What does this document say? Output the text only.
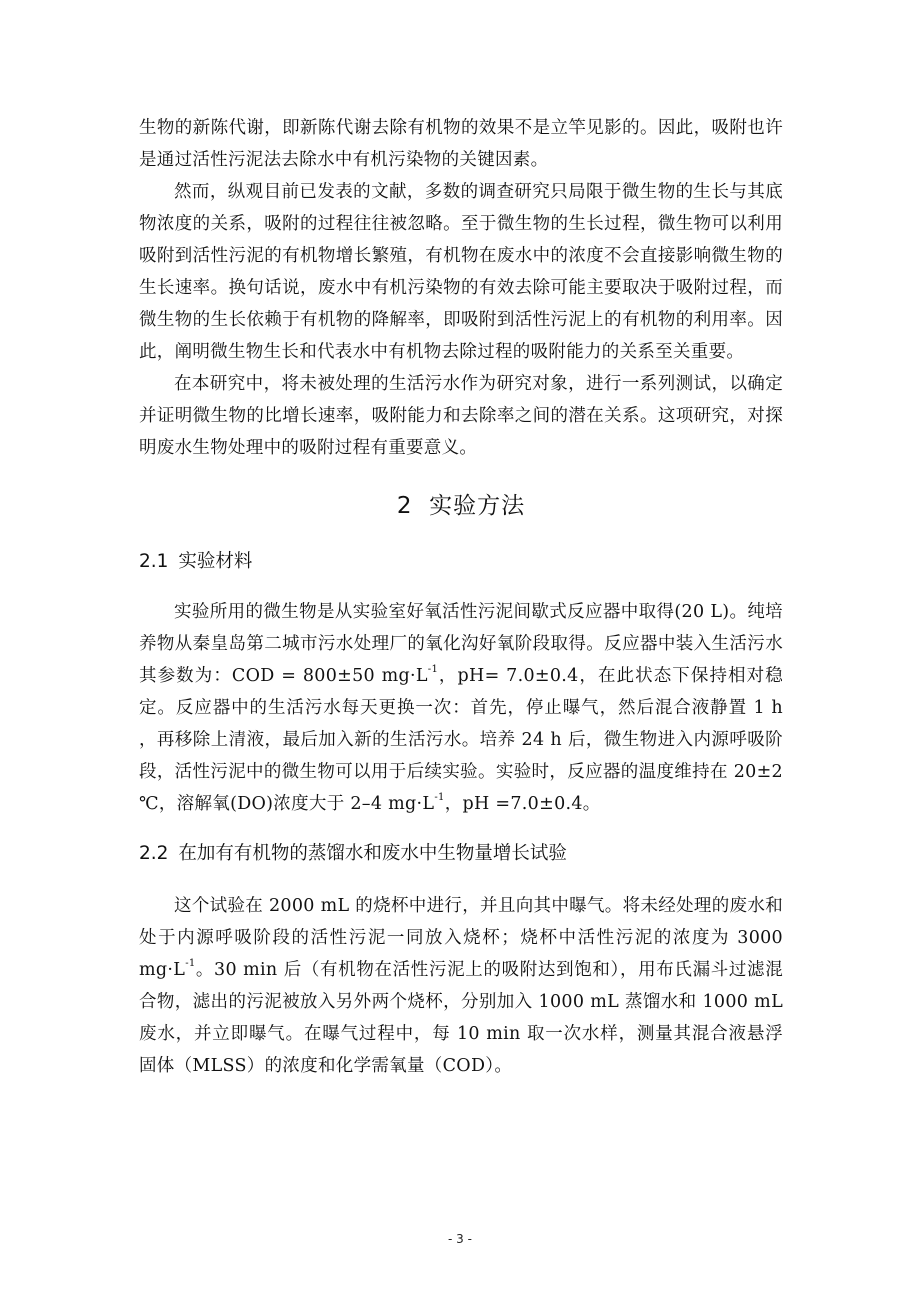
生物的新陈代谢，即新陈代谢去除有机物的效果不是立竿见影的。因此，吸附也许是通过活性污泥法去除水中有机污染物的关键因素。

然而，纵观目前已发表的文献，多数的调查研究只局限于微生物的生长与其底物浓度的关系，吸附的过程往往被忽略。至于微生物的生长过程，微生物可以利用吸附到活性污泥的有机物增长繁殖，有机物在废水中的浓度不会直接影响微生物的生长速率。换句话说，废水中有机污染物的有效去除可能主要取决于吸附过程，而微生物的生长依赖于有机物的降解率，即吸附到活性污泥上的有机物的利用率。因此，阐明微生物生长和代表水中有机物去除过程的吸附能力的关系至关重要。

在本研究中，将未被处理的生活污水作为研究对象，进行一系列测试，以确定并证明微生物的比增长速率，吸附能力和去除率之间的潜在关系。这项研究，对探明废水生物处理中的吸附过程有重要意义。

2 实验方法
2.1 实验材料

实验所用的微生物是从实验室好氧活性污泥间歇式反应器中取得(20 L)。纯培养物从秦皇岛第二城市污水处理厂的氧化沟好氧阶段取得。反应器中装入生活污水其参数为：COD = 800±50 $mg\cdot L^{-1}$，pH= 7.0±0.4，在此状态下保持相对稳定。反应器中的生活污水每天更换一次：首先，停止曝气，然后混合液静置 1 h ，再移除上清液，最后加入新的生活污水。培养 24 h 后，微生物进入内源呼吸阶段，活性污泥中的微生物可以用于后续实验。实验时，反应器的温度维持在 20±2 ℃，溶解氧(DO)浓度大于 2–4 $mg\cdot L^{-1}$，pH =7.0±0.4。

2.2 在加有有机物的蒸馏水和废水中生物量增长试验

这个试验在 2000 mL 的烧杯中进行，并且向其中曝气。将未经处理的废水和处于内源呼吸阶段的活性污泥一同放入烧杯；烧杯中活性污泥的浓度为 3000 $mg\cdot L^{-1}$。30 min 后（有机物在活性污泥上的吸附达到饱和），用布氏漏斗过滤混合物，滤出的污泥被放入另外两个烧杯，分别加入 1000 mL 蒸馏水和 1000 mL 废水，并立即曝气。在曝气过程中，每 10 min 取一次水样，测量其混合液悬浮固体（MLSS）的浓度和化学需氧量（COD）。

- 3 -
